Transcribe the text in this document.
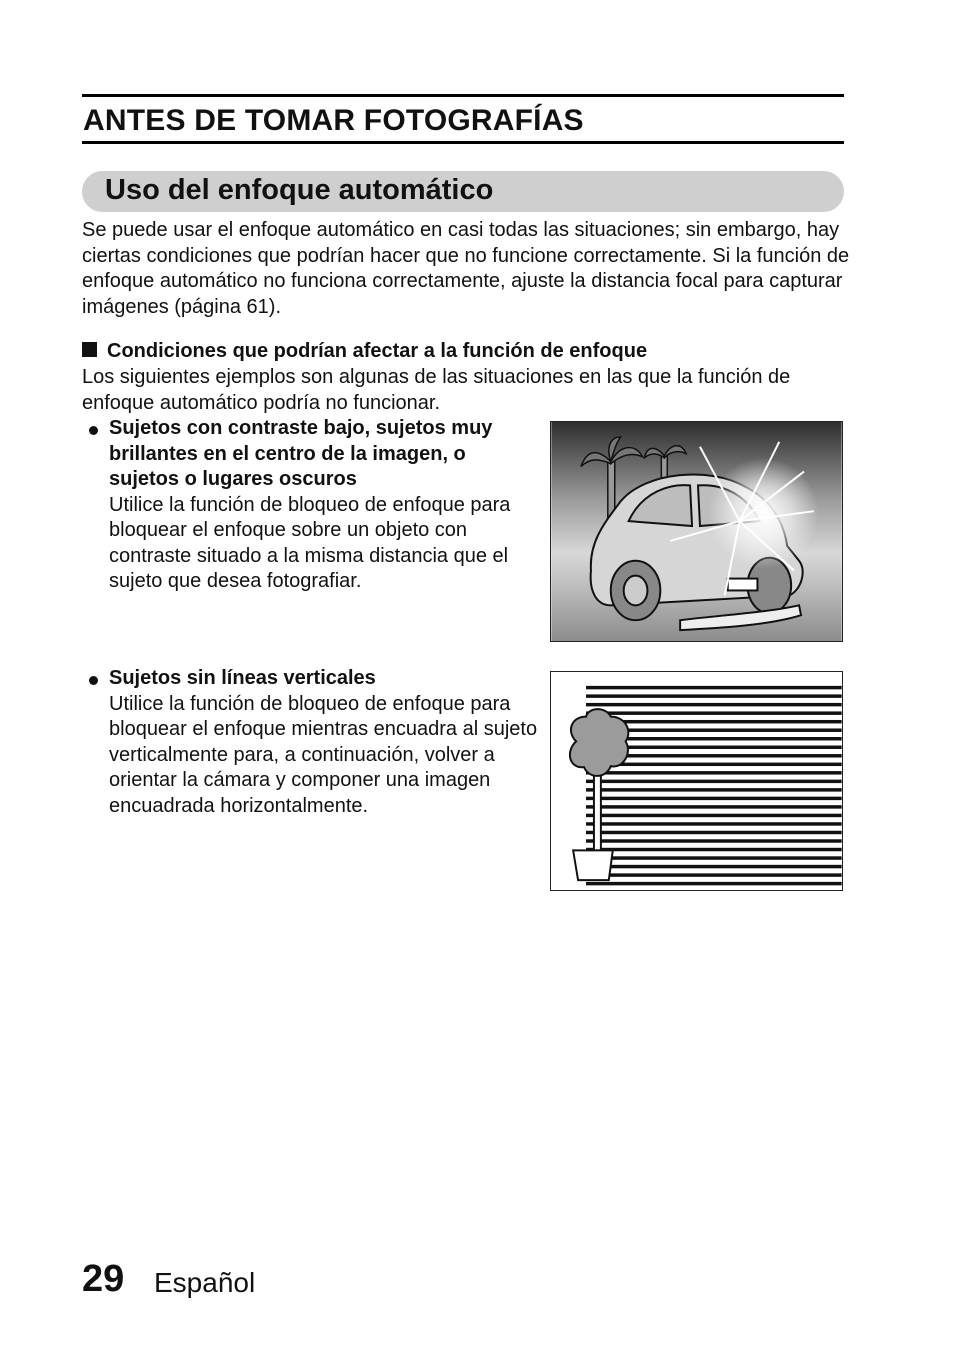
ANTES DE TOMAR FOTOGRAFÍAS
Uso del enfoque automático

Se puede usar el enfoque automático en casi todas las situaciones; sin embargo, hay ciertas condiciones que podrían hacer que no funcione correctamente. Si la función de enfoque automático no funciona correctamente, ajuste la distancia focal para capturar imágenes (página 61).

Condiciones que podrían afectar a la función de enfoque

Los siguientes ejemplos son algunas de las situaciones en las que la función de enfoque automático podría no funcionar.

Sujetos con contraste bajo, sujetos muy brillantes en el centro de la imagen, o sujetos o lugares oscuros
Utilice la función de bloqueo de enfoque para bloquear el enfoque sobre un objeto con contraste situado a la misma distancia que el sujeto que desea fotografiar.
Sujetos sin líneas verticales
Utilice la función de bloqueo de enfoque para bloquear el enfoque mientras encuadra al sujeto verticalmente para, a continuación, volver a orientar la cámara y componer una imagen encuadrada horizontalmente.
29 Español
